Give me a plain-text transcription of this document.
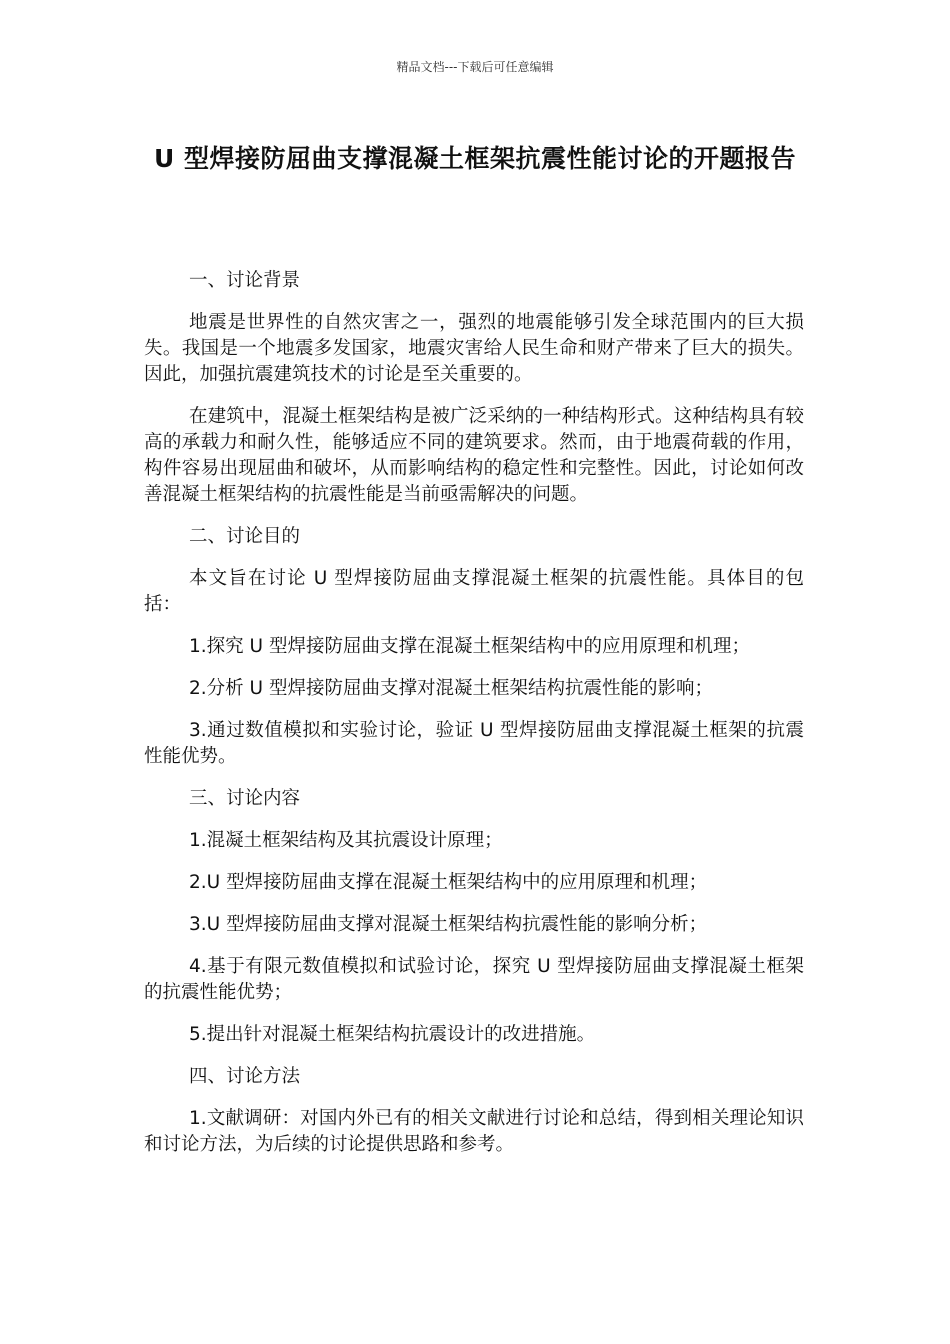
精品文档---下载后可任意编辑
U 型焊接防屈曲支撑混凝土框架抗震性能讨论的开题报告

一、讨论背景

地震是世界性的自然灾害之一，强烈的地震能够引发全球范围内的巨大损失。我国是一个地震多发国家，地震灾害给人民生命和财产带来了巨大的损失。因此，加强抗震建筑技术的讨论是至关重要的。

在建筑中，混凝土框架结构是被广泛采纳的一种结构形式。这种结构具有较高的承载力和耐久性，能够适应不同的建筑要求。然而，由于地震荷载的作用，构件容易出现屈曲和破坏，从而影响结构的稳定性和完整性。因此，讨论如何改善混凝土框架结构的抗震性能是当前亟需解决的问题。

二、讨论目的

本文旨在讨论 U 型焊接防屈曲支撑混凝土框架的抗震性能。具体目的包括：

1.探究 U 型焊接防屈曲支撑在混凝土框架结构中的应用原理和机理；

2.分析 U 型焊接防屈曲支撑对混凝土框架结构抗震性能的影响；

3.通过数值模拟和实验讨论，验证 U 型焊接防屈曲支撑混凝土框架的抗震性能优势。

三、讨论内容

1.混凝土框架结构及其抗震设计原理；

2.U 型焊接防屈曲支撑在混凝土框架结构中的应用原理和机理；

3.U 型焊接防屈曲支撑对混凝土框架结构抗震性能的影响分析；

4.基于有限元数值模拟和试验讨论，探究 U 型焊接防屈曲支撑混凝土框架的抗震性能优势；

5.提出针对混凝土框架结构抗震设计的改进措施。

四、讨论方法

1.文献调研：对国内外已有的相关文献进行讨论和总结，得到相关理论知识和讨论方法，为后续的讨论提供思路和参考。
